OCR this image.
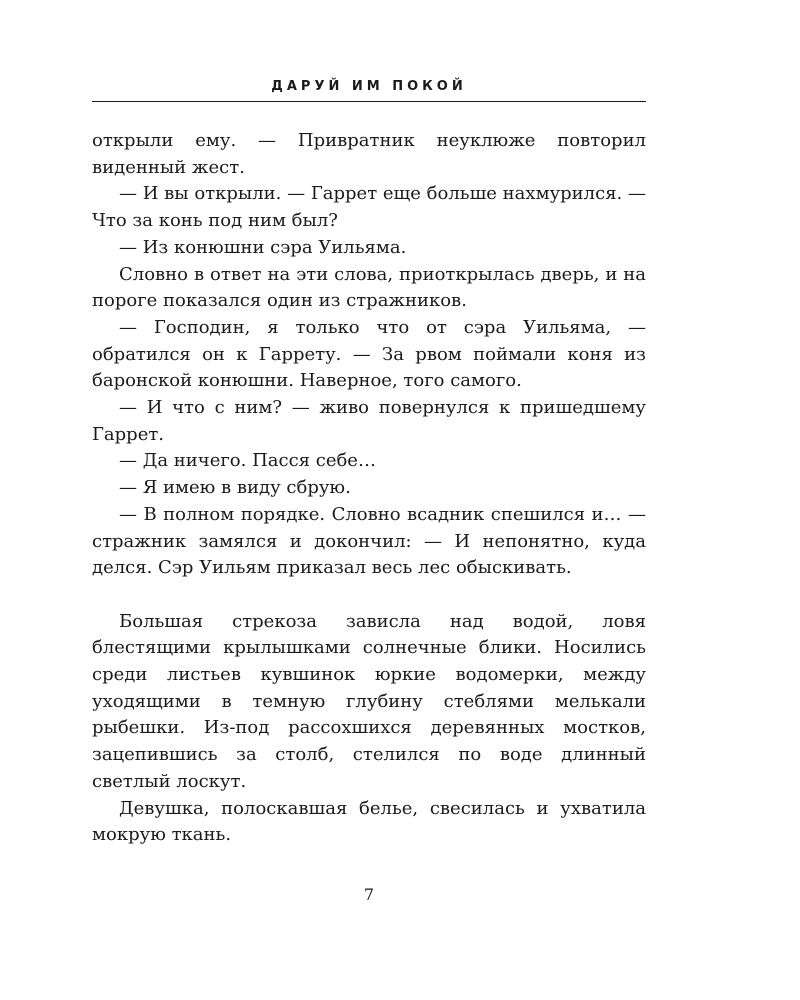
ДАРУЙ ИМ ПОКОЙ

открыли ему. — Привратник неуклюже повторил виденный жест.

— И вы открыли. — Гаррет еще больше нахмурился. — Что за конь под ним был?

— Из конюшни сэра Уильяма.

Словно в ответ на эти слова, приоткрылась дверь, и на пороге показался один из стражников.

— Господин, я только что от сэра Уильяма, — обратился он к Гаррету. — За рвом поймали коня из баронской конюшни. Наверное, того самого.

— И что с ним? — живо повернулся к пришедшему Гаррет.

— Да ничего. Пасся себе…

— Я имею в виду сбрую.

— В полном порядке. Словно всадник спешился и… — стражник замялся и докончил: — И непонятно, куда делся. Сэр Уильям приказал весь лес обыскивать.

Большая стрекоза зависла над водой, ловя блестящими крылышками солнечные блики. Носились среди листьев кувшинок юркие водомерки, между уходящими в темную глубину стеблями мелькали рыбешки. Из-под рассохшихся деревянных мостков, зацепившись за столб, стелился по воде длинный светлый лоскут.

Девушка, полоскавшая белье, свесилась и ухватила мокрую ткань.

7
